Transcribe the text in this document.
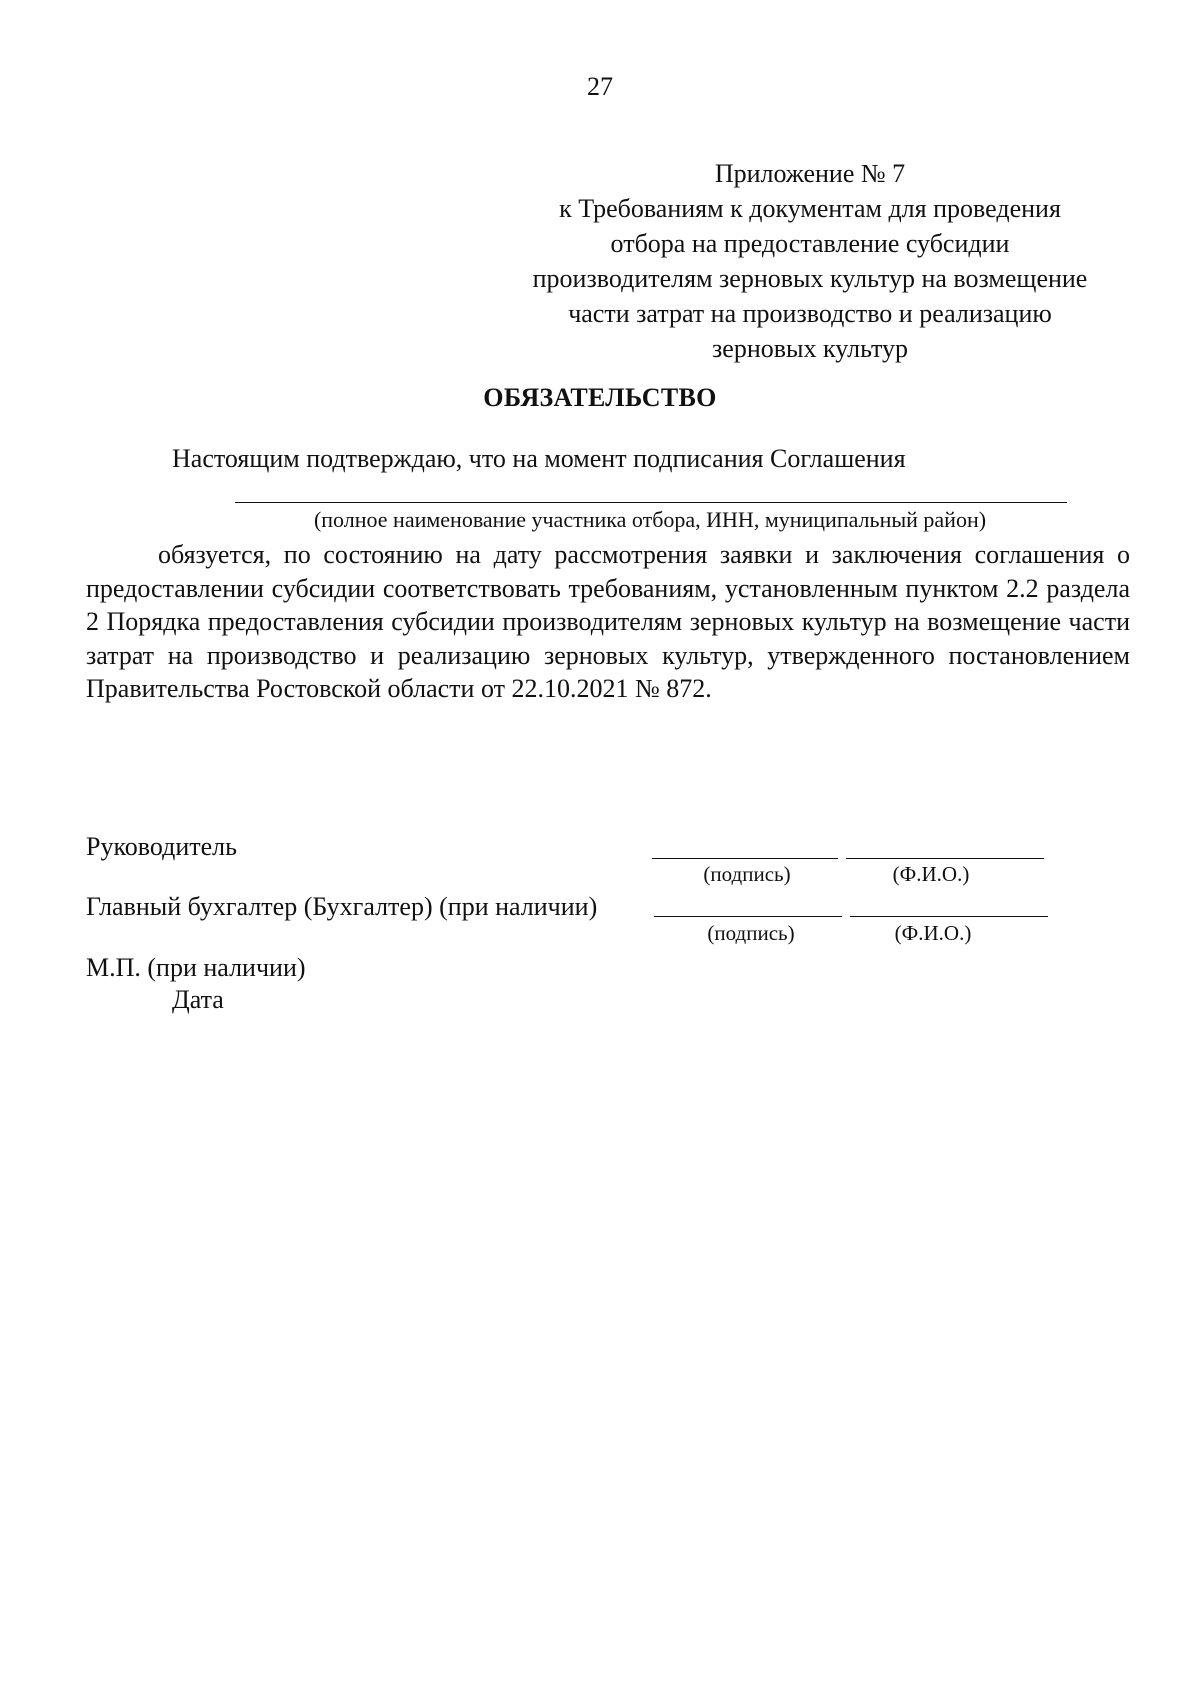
27
Приложение № 7
к Требованиям к документам для проведения
отбора на предоставление субсидии
производителям зерновых культур на возмещение
части затрат на производство и реализацию
зерновых культур
ОБЯЗАТЕЛЬСТВО
Настоящим подтверждаю, что на момент подписания Соглашения
(полное наименование участника отбора, ИНН, муниципальный район)
обязуется, по состоянию на дату рассмотрения заявки и заключения соглашения о предоставлении субсидии соответствовать требованиям, установленным пунктом 2.2 раздела 2 Порядка предоставления субсидии производителям зерновых культур на возмещение части затрат на производство и реализацию зерновых культур, утвержденного постановлением Правительства Ростовской области от 22.10.2021 № 872.
Руководитель
(подпись)	(Ф.И.О.)
Главный бухгалтер (Бухгалтер) (при наличии)
(подпись)	(Ф.И.О.)
М.П. (при наличии)
Дата
